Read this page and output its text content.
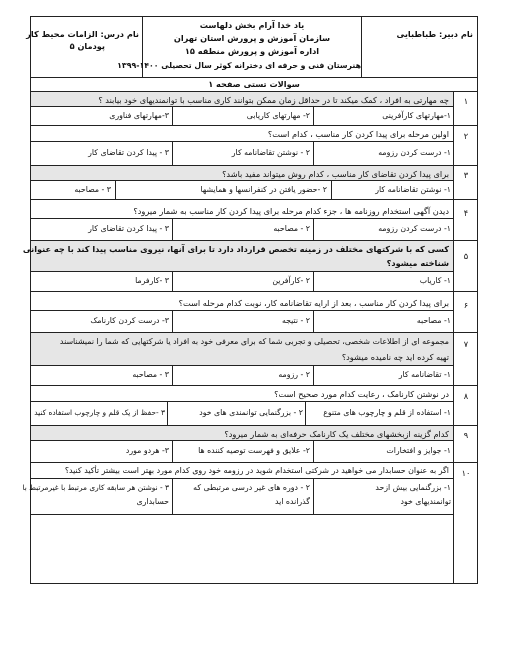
نام درس: الزامات محیط کار
پودمان ۵
نام دبیر: طباطبایی
یاد خدا آرام بخش دلهاست
سازمان آموزش و پرورش استان تهران
اداره آموزش و پرورش منطقه ۱۵
هنرستان فنی و حرفه ای دخترانه کوثر سال تحصیلی ۱۴۰۰-۱۳۹۹
سوالات تستی صفحه ۱
۱
چه مهارتی به افراد ، کمک میکند تا در حداقل زمان ممکن بتوانند کاری مناسب با توانمندیهای خود بیابند ؟
۱-مهارتهای کارآفرینی
۲- مهارتهای کاریابی
۳-مهارتهای فناوری
۲
اولین مرحله برای پیدا کردن کار مناسب ، کدام است؟
۱- درست کردن رزومه
۲ - نوشتن تقاضانامه کار
۳ - پیدا کردن تقاضای کار
۳
برای پیدا کردن تقاضای کار مناسب ، کدام روش میتواند مفید باشد؟
۱- نوشتن تقاضانامه کار
۲ -حضور یافتن در کنفرانسها و همایشها
۳ - مصاحبه
۴
دیدن آگهی استخدام روزنامه ها ، جزء کدام مرحله برای پیدا کردن کار مناسب به شمار میرود؟
۱- درست کردن رزومه
۲ - مصاحبه
۳ - پیدا کردن تقاضای کار
۵
کسی که با شرکتهای مختلف در زمینه تخصص قرارداد دارد تا برای آنها، نیروی مناسب پیدا کند با چه عنوانی
شناخته میشود؟
۱- کاریاب
۲ -کارآفرین
۳ -کارفرما
۶
برای پیدا کردن کار مناسب ، بعد از ارایه تقاضانامه کار، نوبت کدام مرحله است؟
۱- مصاحبه
۲ - نتیجه
۳- درست کردن کارنامک
۷
مجموعه ای از اطلاعات شخصی، تحصیلی و تجربی شما که برای معرفی خود به افراد یا شرکتهایی که شما را نمیشناسند
تهیه کرده اید چه نامیده میشود؟
۱- تقاضانامه کار
۲ - رزومه
۳ - مصاحبه
۸
در نوشتن کارنامک ، رعایت کدام مورد صحیح است؟
۱- استفاده از قلم و چارچوب های متنوع
۲ - بزرگنمایی توانمندی های خود
۳ -حفظ از یک قلم و چارچوب استفاده کنید
۹
کدام گزینه ازبخشهای مختلف یک کارنامک حرفه‌ای به شمار میرود؟
۱- جوایز و افتخارات
۲- علایق و فهرست توصیه کننده ها
۳- هردو مورد
۱۰
اگر به عنوان حسابدار می خواهید در شرکتی استخدام شوید در رزومه خود روی کدام مورد بهتر است بیشتر تأکید کنید؟
۱- بزرگنمایی بیش ازحد
توانمندیهای خود
۲ - دوره های غیر درسی مرتبطی که
گذرانده اید
۳ - نوشتن هر سابقه کاری مرتبط با غیرمرتبط با
حسابداری
